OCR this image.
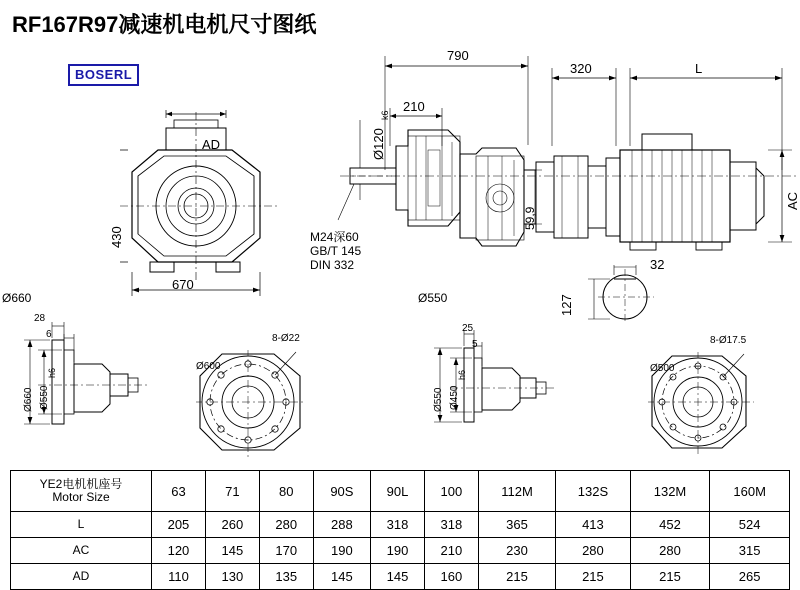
RF167R97减速机电机尺寸图纸
BOSERL
AD
670
430
790
320	L
210
AC
Ø120
k6
59,9
M24深60
GB/T 145
DIN 332	32
127
Ø660	Ø550
28
6
Ø660 Ø550
h6
8-Ø22
Ø600
25
5
Ø550 Ø450
h6
8-Ø17.5
Ø500
YE2电机机座号
Motor Size	63	71	80	90S	90L	100	112M	132S	132M	160M
L	205	260	280	288	318	318	365	413	452	524
AC	120	145	170	190	190	210	230	280	280	315
AD	110	130	135	145	145	160	215	215	215	265
